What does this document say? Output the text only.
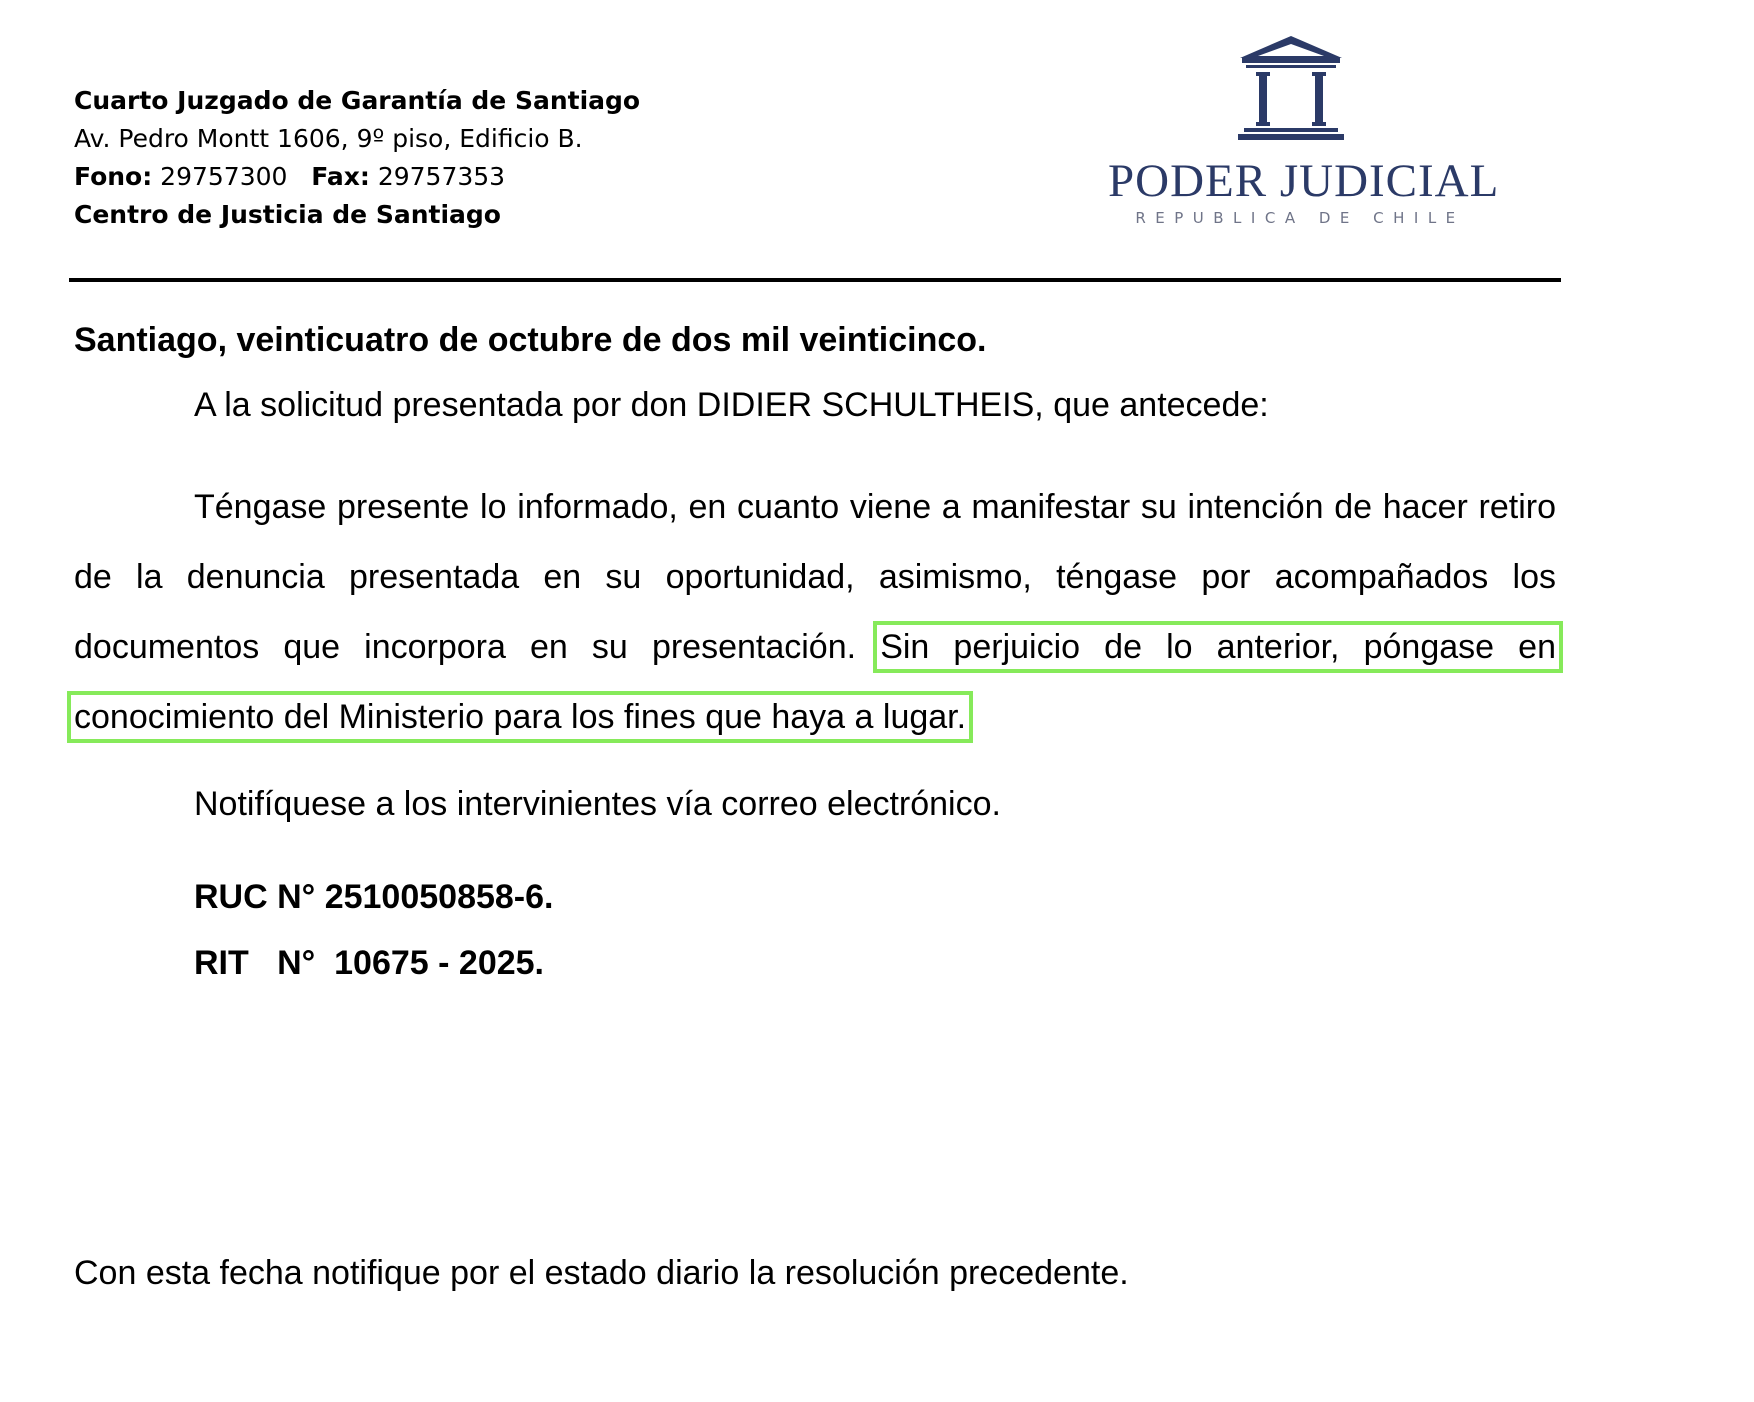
Cuarto Juzgado de Garantía de Santiago
Av. Pedro Montt 1606, 9º piso, Edificio B.
Fono: 29757300   Fax: 29757353
Centro de Justicia de Santiago
PODER JUDICIAL
REPUBLICA DE CHILE

Santiago, veinticuatro de octubre de dos mil veinticinco.

A la solicitud presentada por don DIDIER SCHULTHEIS, que antecede:

Téngase presente lo informado, en cuanto viene a manifestar su intención de hacer retiro de la denuncia presentada en su oportunidad, asimismo, téngase por acompañados los documentos que incorpora en su presentación. Sin perjuicio de lo anterior, póngase en conocimiento del Ministerio para los fines que haya a lugar.

Notifíquese a los intervinientes vía correo electrónico.

RUC N° 2510050858-6.

RIT   N°  10675 - 2025.

Con esta fecha notifique por el estado diario la resolución precedente.
